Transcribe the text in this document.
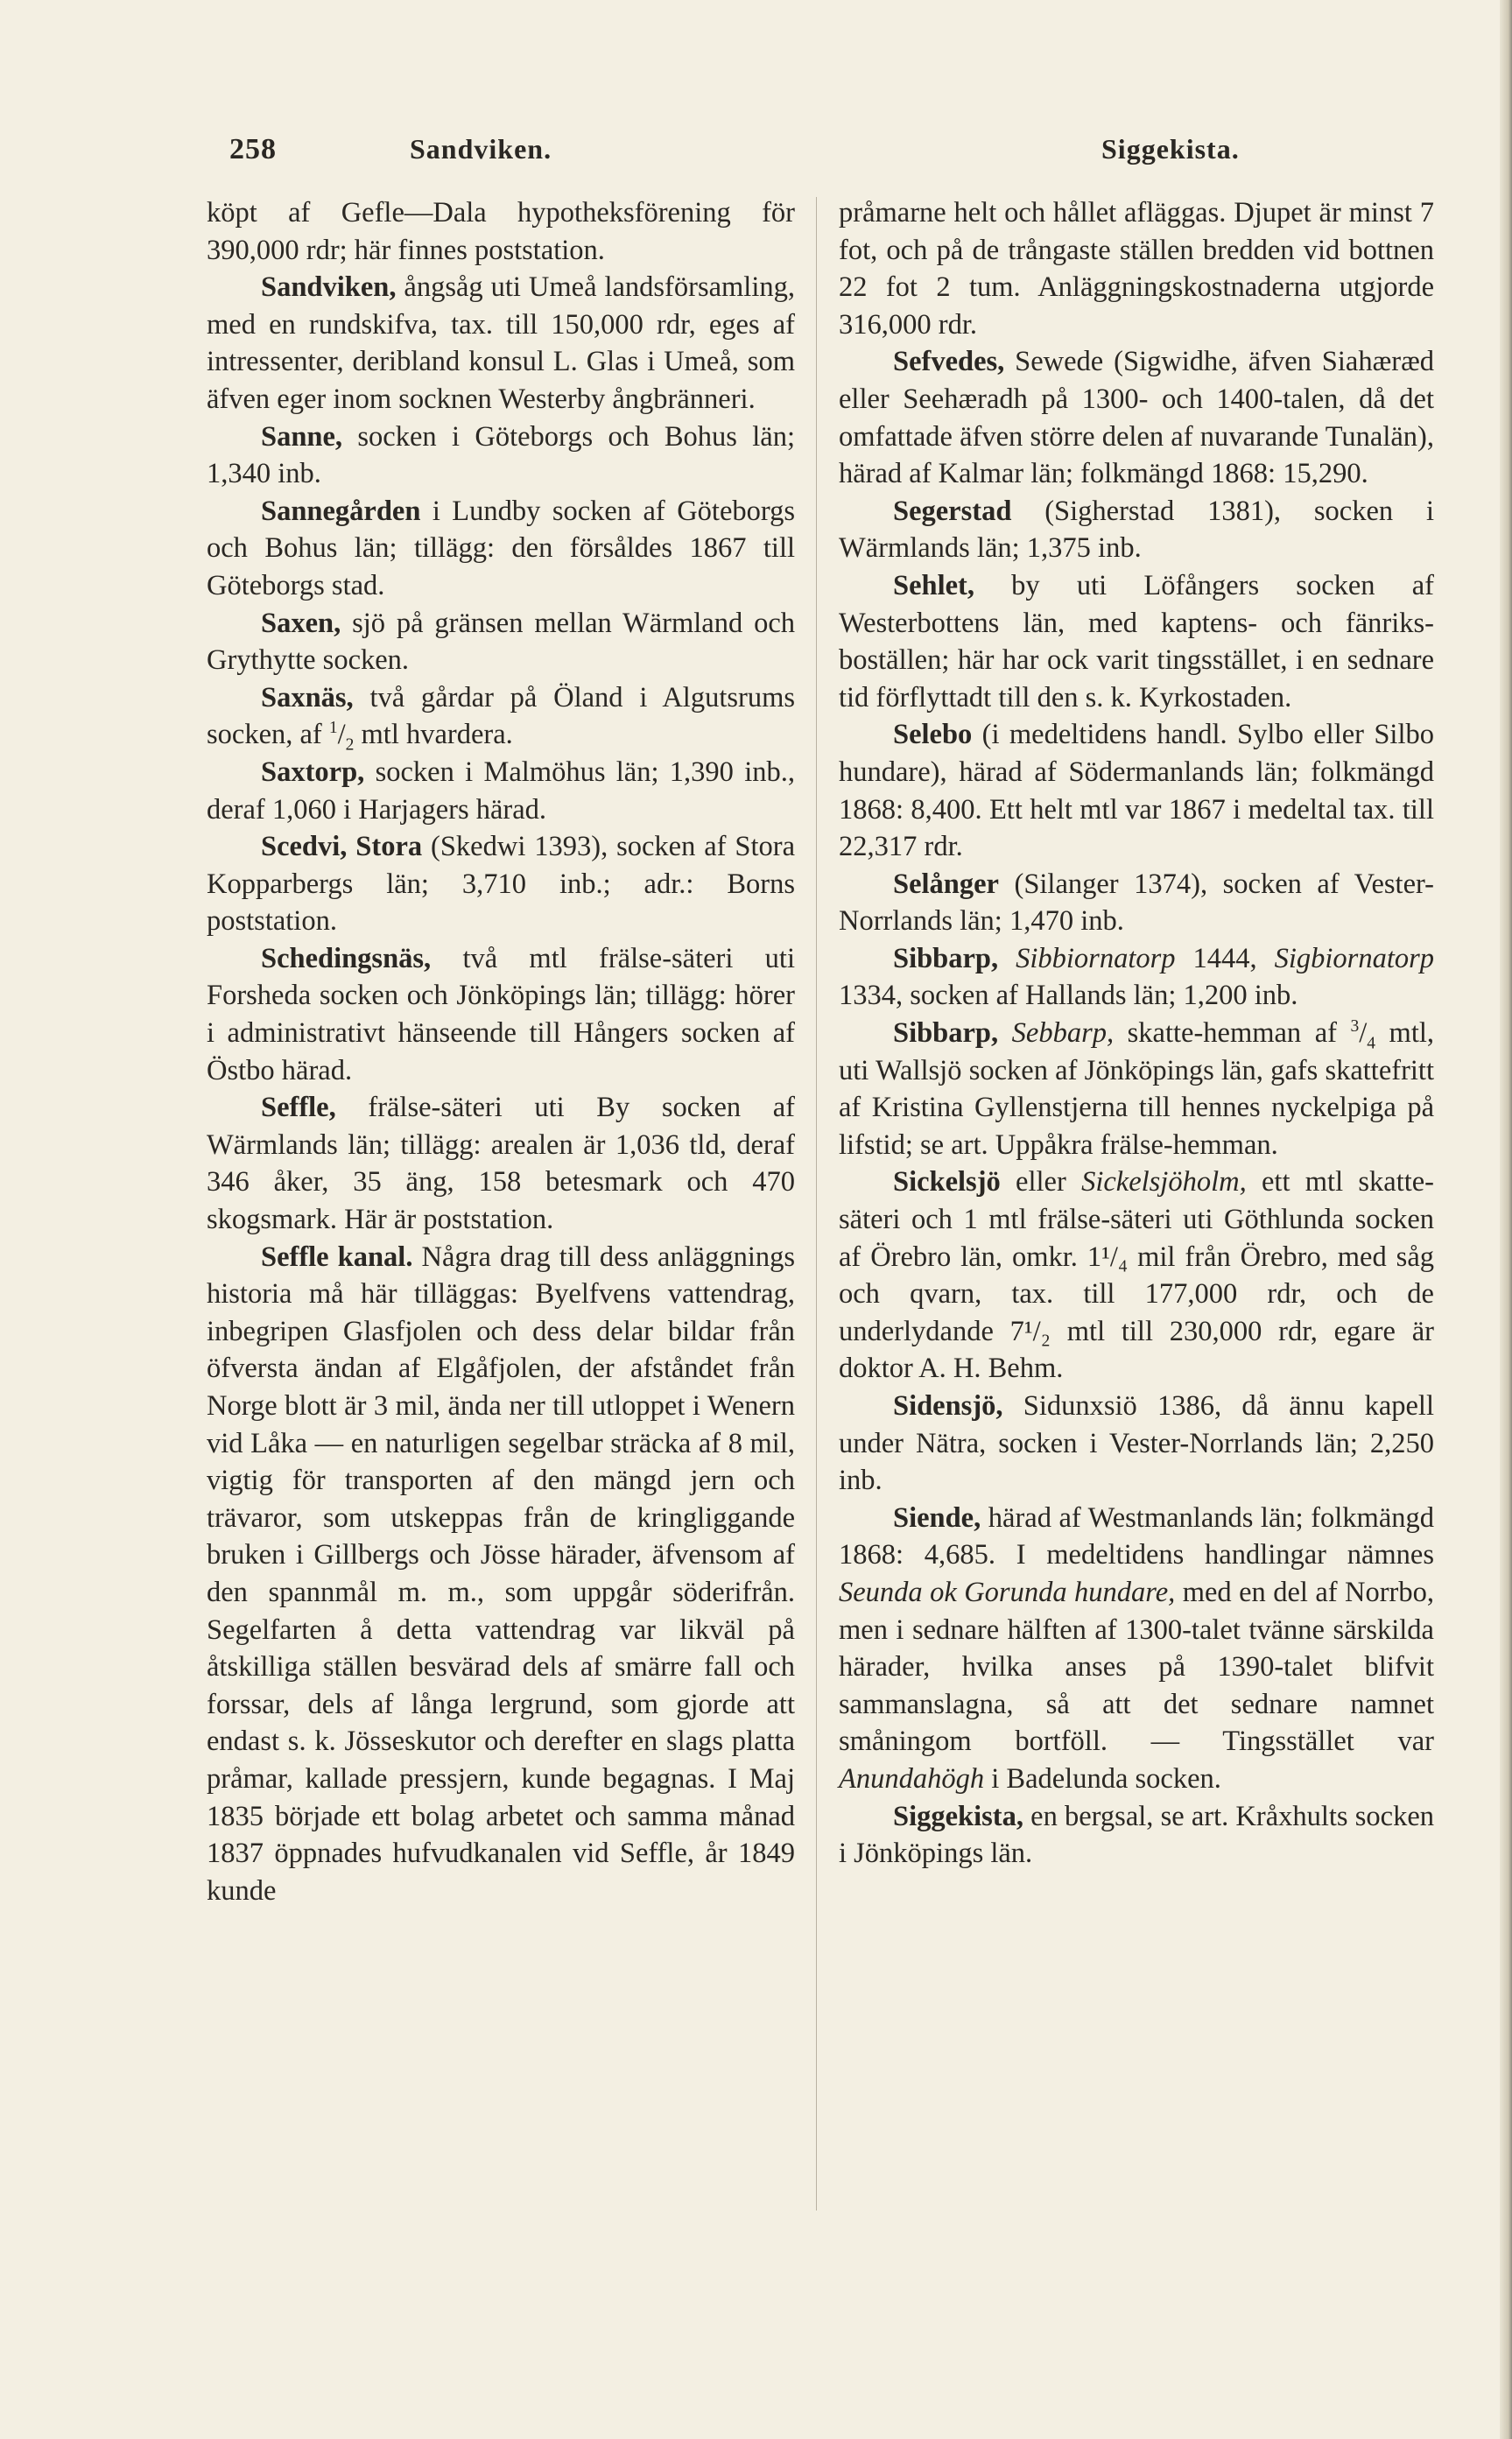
258	Sandviken.	Siggekista.

köpt af Gefle—Dala hypotheksförening för 390,000 rdr; här finnes poststation.

Sandviken, ångsåg uti Umeå landsförsamling, med en rundskifva, tax. till 150,000 rdr, eges af intressenter, deribland konsul L. Glas i Umeå, som äfven eger inom socknen Westerby ångbränneri.

Sanne, socken i Göteborgs och Bohus län; 1,340 inb.

Sannegården i Lundby socken af Göteborgs och Bohus län; tillägg: den försåldes 1867 till Göteborgs stad.

Saxen, sjö på gränsen mellan Wärmland och Grythytte socken.

Saxnäs, två gårdar på Öland i Algutsrums socken, af $^1/_2$ mtl hvardera.

Saxtorp, socken i Malmöhus län; 1,390 inb., deraf 1,060 i Harjagers härad.

Scedvi, Stora (Skedwi 1393), socken af Stora Kopparbergs län; 3,710 inb.; adr.: Borns poststation.

Schedingsnäs, två mtl frälse-säteri uti Forsheda socken och Jönköpings län; tillägg: hörer i administrativt hänseende till Hångers socken af Östbo härad.

Seffle, frälse-säteri uti By socken af Wärmlands län; tillägg: arealen är 1,036 tld, deraf 346 åker, 35 äng, 158 betesmark och 470 skogsmark. Här är poststation.

Seffle kanal. Några drag till dess anläggnings historia må här tilläggas: Byelfvens vattendrag, inbegripen Glasfjolen och dess delar bildar från öfversta ändan af Elgåfjolen, der afståndet från Norge blott är 3 mil, ända ner till utloppet i Wenern vid Låka — en naturligen segelbar sträcka af 8 mil, vigtig för transporten af den mängd jern och trävaror, som utskeppas från de kringliggande bruken i Gillbergs och Jösse härader, äfvensom af den spannmål m. m., som uppgår söderifrån. Segelfarten å detta vattendrag var likväl på åtskilliga ställen besvärad dels af smärre fall och forssar, dels af långa lergrund, som gjorde att endast s. k. Jösseskutor och derefter en slags platta pråmar, kallade pressjern, kunde begagnas. I Maj 1835 började ett bolag arbetet och samma månad 1837 öppnades hufvudkanalen vid Seffle, år 1849 kunde

pråmarne helt och hållet afläggas. Djupet är minst 7 fot, och på de trångaste ställen bredden vid bottnen 22 fot 2 tum. Anläggningskostnaderna utgjorde 316,000 rdr.

Sefvedes, Sewede (Sigwidhe, äfven Siahæræd eller Seehæradh på 1300- och 1400-talen, då det omfattade äfven större delen af nuvarande Tunalän), härad af Kalmar län; folkmängd 1868: 15,290.

Segerstad (Sigherstad 1381), socken i Wärmlands län; 1,375 inb.

Sehlet, by uti Löfångers socken af Westerbottens län, med kaptens- och fänriks-boställen; här har ock varit tingsstället, i en sednare tid förflyttadt till den s. k. Kyrkostaden.

Selebo (i medeltidens handl. Sylbo eller Silbo hundare), härad af Södermanlands län; folkmängd 1868: 8,400. Ett helt mtl var 1867 i medeltal tax. till 22,317 rdr.

Selånger (Silanger 1374), socken af Vester-Norrlands län; 1,470 inb.

Sibbarp, Sibbiornatorp 1444, Sigbiornatorp 1334, socken af Hallands län; 1,200 inb.

Sibbarp, Sebbarp, skatte-hemman af $^3/_4$ mtl, uti Wallsjö socken af Jönköpings län, gafs skattefritt af Kristina Gyllenstjerna till hennes nyckelpiga på lifstid; se art. Uppåkra frälse-hemman.

Sickelsjö eller Sickelsjöholm, ett mtl skatte-säteri och 1 mtl frälse-säteri uti Göthlunda socken af Örebro län, omkr. 1¹/₄ mil från Örebro, med såg och qvarn, tax. till 177,000 rdr, och de underlydande 7¹/₂ mtl till 230,000 rdr, egare är doktor A. H. Behm.

Sidensjö, Sidunxsiö 1386, då ännu kapell under Nätra, socken i Vester-Norrlands län; 2,250 inb.

Siende, härad af Westmanlands län; folkmängd 1868: 4,685. I medeltidens handlingar nämnes Seunda ok Gorunda hundare, med en del af Norrbo, men i sednare hälften af 1300-talet tvänne särskilda härader, hvilka anses på 1390-talet blifvit sammanslagna, så att det sednare namnet småningom bortföll. — Tingsstället var Anundahögh i Badelunda socken.

Siggekista, en bergsal, se art. Kråxhults socken i Jönköpings län.
